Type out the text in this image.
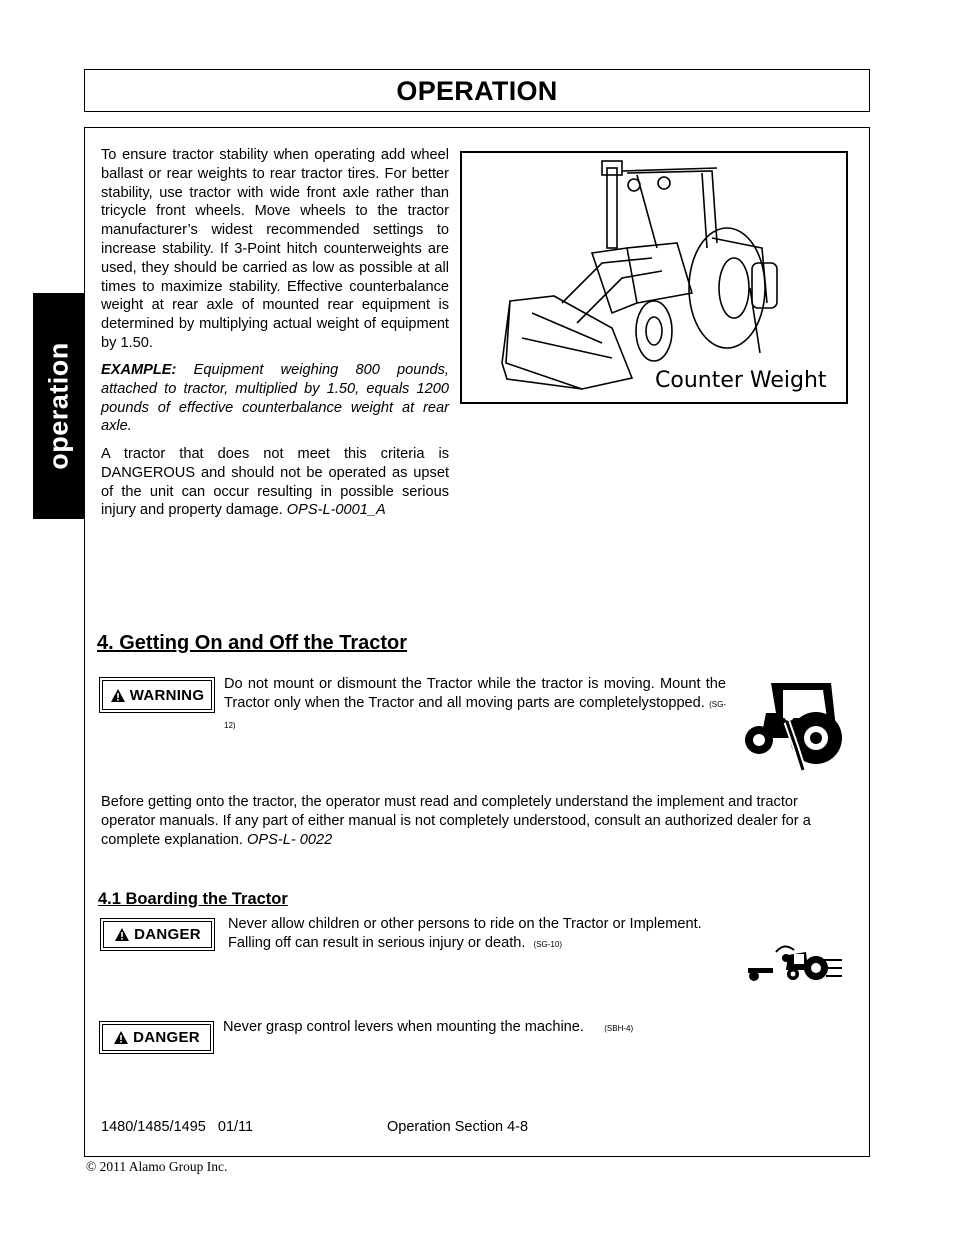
OPERATION
operation
To ensure tractor stability when operating add wheel ballast or rear weights to rear tractor tires. For better stability, use tractor with wide front axle rather than tricycle front wheels. Move wheels to the tractor manufacturer’s widest recommended settings to increase stability. If 3-Point hitch counterweights are used, they should be carried as low as possible at all times to maximize stability. Effective counterbalance weight at rear axle of mounted rear equipment is determined by multiplying actual weight of equipment by 1.50.
EXAMPLE: Equipment weighing 800 pounds, attached to tractor, multiplied by 1.50, equals 1200 pounds of effective counterbalance weight at rear axle.
A tractor that does not meet this criteria is DANGEROUS and should not be operated as upset of the unit can occur resulting in possible serious injury and property damage. OPS-L-0001_A
Counter Weight
4. Getting On and Off the Tractor
WARNING
Do not mount or dismount the Tractor while the tractor is moving. Mount the Tractor only when the Tractor and all moving parts are completelystopped. (SG-12)
Before getting onto the tractor, the operator must read and completely understand the implement and tractor operator manuals. If any part of either manual is not completely understood, consult an authorized dealer for a complete explanation. OPS-L- 0022
4.1 Boarding the Tractor
DANGER
Never allow children or other persons to ride on the Tractor or Implement.
Falling off can result in serious injury or death. (SG-10)
DANGER
Never grasp control levers when mounting the machine.	(SBH-4)
1480/1485/1495   01/11	Operation Section 4-8
© 2011 Alamo Group Inc.
